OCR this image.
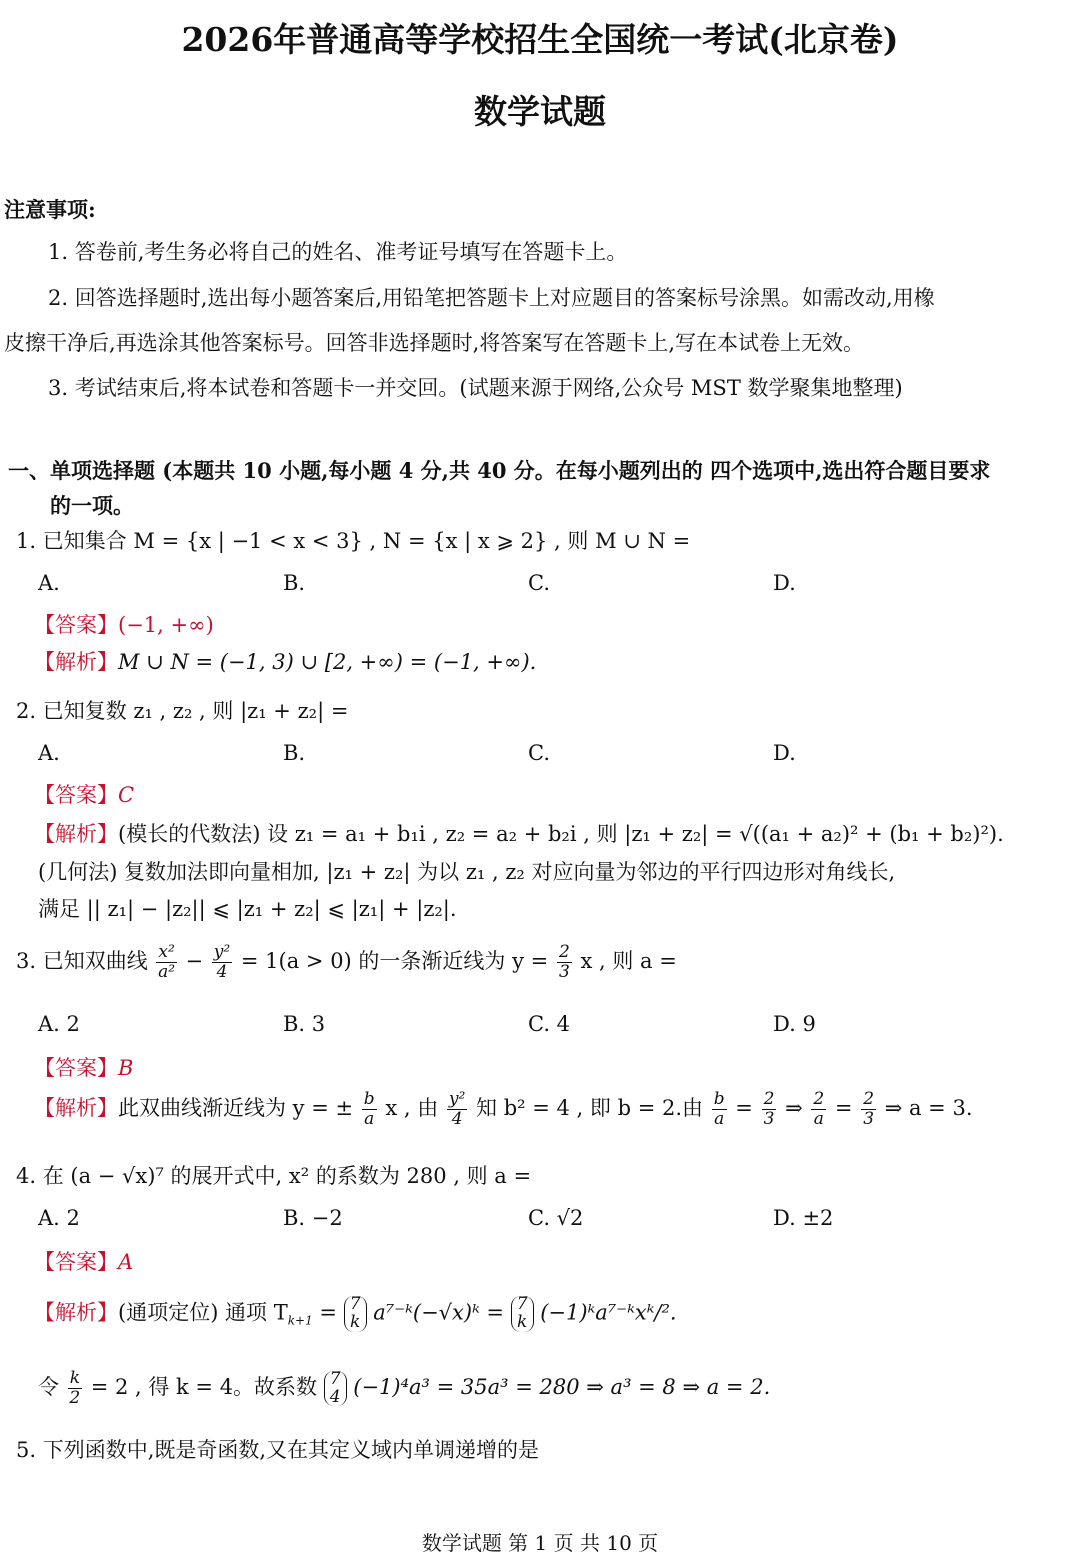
2026年普通高等学校招生全国统一考试(北京卷)
数学试题
注意事项:
1. 答卷前,考生务必将自己的姓名、准考证号填写在答题卡上。
2. 回答选择题时,选出每小题答案后,用铅笔把答题卡上对应题目的答案标号涂黑。如需改动,用橡
皮擦干净后,再选涂其他答案标号。回答非选择题时,将答案写在答题卡上,写在本试卷上无效。
3. 考试结束后,将本试卷和答题卡一并交回。(试题来源于网络,公众号 MST 数学聚集地整理)
一、单项选择题 (本题共 10 小题,每小题 4 分,共 40 分。在每小题列出的 四个选项中,选出符合题目要求
的一项。
1. 已知集合 M = {x | −1 < x < 3} , N = {x | x ⩾ 2} , 则 M ∪ N =
A.	B.	C.	D.
【答案】(−1, +∞)
【解析】M ∪ N = (−1, 3) ∪ [2, +∞) = (−1, +∞).
2. 已知复数 z₁ , z₂ , 则 |z₁ + z₂| =
A.	B.	C.	D.
【答案】C
【解析】(模长的代数法) 设 z₁ = a₁ + b₁i , z₂ = a₂ + b₂i , 则 |z₁ + z₂| = √((a₁ + a₂)² + (b₁ + b₂)²).
(几何法) 复数加法即向量相加, |z₁ + z₂| 为以 z₁ , z₂ 对应向量为邻边的平行四边形对角线长,
满足 || z₁| − |z₂|| ⩽ |z₁ + z₂| ⩽ |z₁| + |z₂|.
3. 已知双曲线 $\frac{\text{x²}}{\text{a²}} - \frac{\text{y²}}{4} = 1(a > 0)$ 的一条渐近线为 $y = \frac{2}{3}$ x , 则 a =
A. 2	B. 3	C. 4	D. 9
【答案】B
【解析】此双曲线渐近线为 y = ± $\frac{b}{a}$ x , 由 $\frac{\text{y²}}{4}$ 知 b² = 4 , 即 b = 2.由 $\frac{b}{a} = \frac{2}{3}$ ⇒ $\frac{2}{a} = \frac{2}{3}$ ⇒ a = 3.
4. 在 (a − √x)⁷ 的展开式中, x² 的系数为 280 , 则 a =
A. 2	B. −2	C. √2	D. ±2
【答案】A
【解析】(通项定位) 通项 $T_{k+1} = 7$
k a⁷⁻ᵏ(−√x)ᵏ = 7
k (−1)ᵏa⁷⁻ᵏxᵏ/².
令 $\frac{k}{2} = 2$ , 得 k = 4。故系数 7
4 (−1)⁴a³ = 35a³ = 280 ⇒ a³ = 8 ⇒ a = 2.
5. 下列函数中,既是奇函数,又在其定义域内单调递增的是
数学试题 第 1 页 共 10 页
